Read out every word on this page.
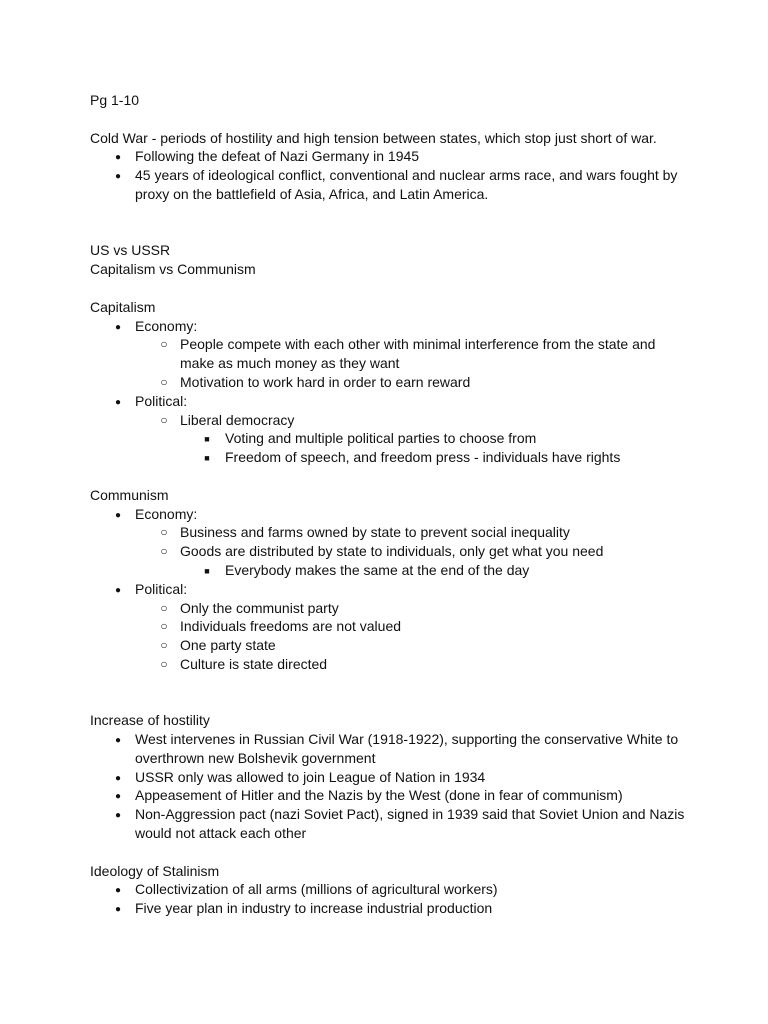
Pg 1-10

Cold War - periods of hostility and high tension between states, which stop just short of war.

●
Following the defeat of Nazi Germany in 1945
●
45 years of ideological conflict, conventional and nuclear arms race, and wars fought by proxy on the battlefield of Asia, Africa, and Latin America.

US vs USSR

Capitalism vs Communism

Capitalism

●
Economy:
○
People compete with each other with minimal interference from the state and make as much money as they want
○
Motivation to work hard in order to earn reward
●
Political:
○
Liberal democracy
■
Voting and multiple political parties to choose from
■
Freedom of speech, and freedom press - individuals have rights

Communism

●
Economy:
○
Business and farms owned by state to prevent social inequality
○
Goods are distributed by state to individuals, only get what you need
■
Everybody makes the same at the end of the day
●
Political:
○
Only the communist party
○
Individuals freedoms are not valued
○
One party state
○
Culture is state directed

Increase of hostility

●
West intervenes in Russian Civil War (1918-1922), supporting the conservative White to overthrown new Bolshevik government
●
USSR only was allowed to join League of Nation in 1934
●
Appeasement of Hitler and the Nazis by the West (done in fear of communism)
●
Non-Aggression pact (nazi Soviet Pact), signed in 1939 said that Soviet Union and Nazis would not attack each other

Ideology of Stalinism

●
Collectivization of all arms (millions of agricultural workers)
●
Five year plan in industry to increase industrial production
